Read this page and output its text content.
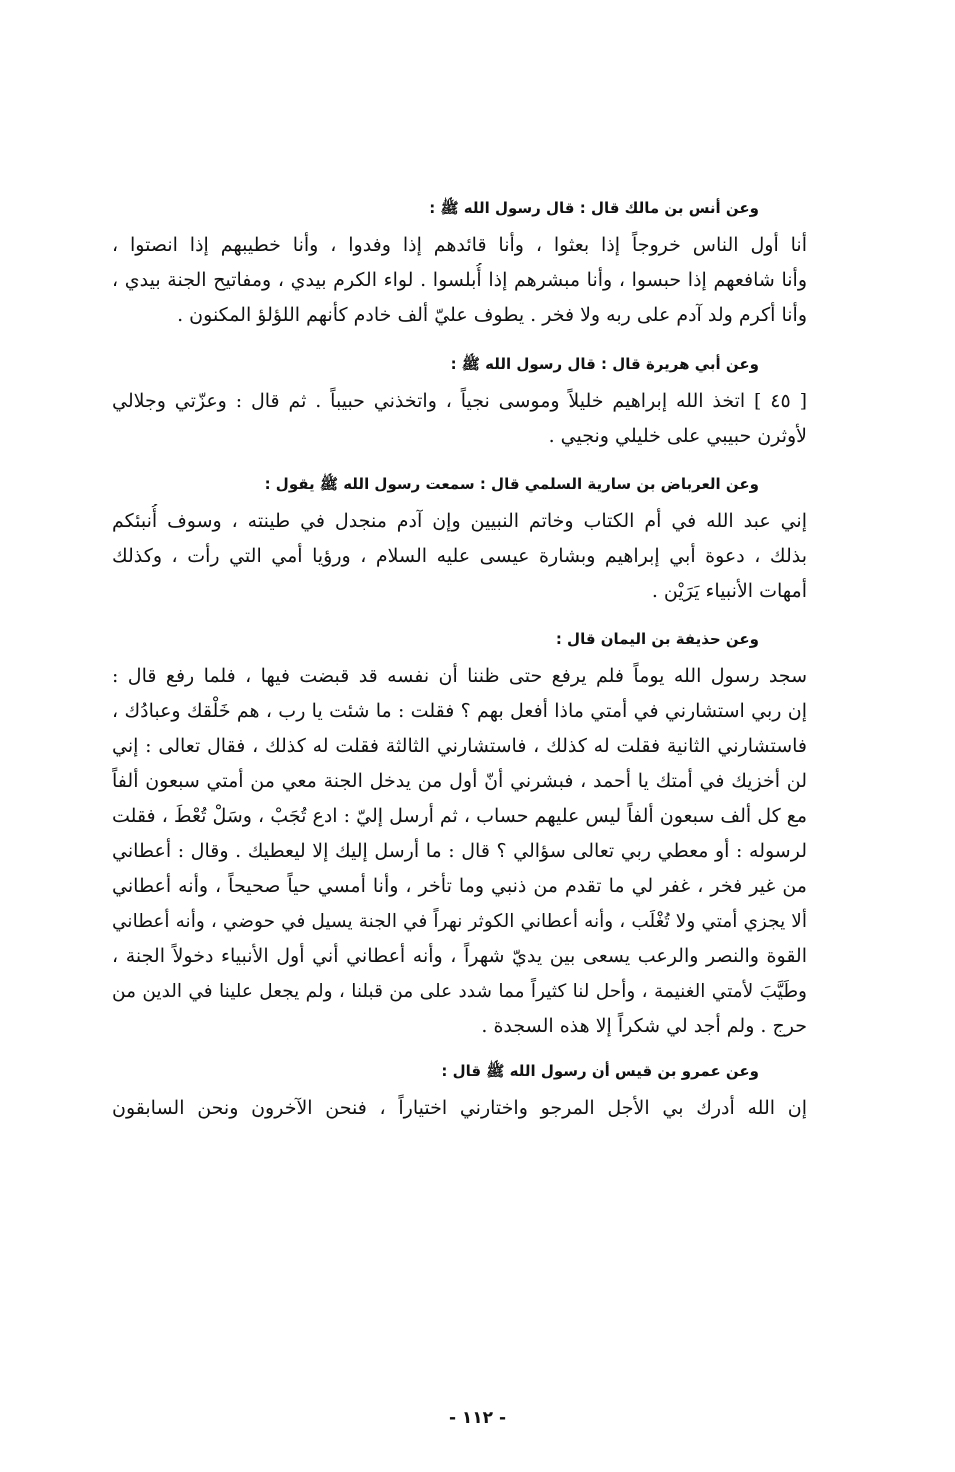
وعن أنس بن مالك قال : قال رسول الله ﷺ :

أنا أول الناس خروجاً إذا بعثوا ، وأنا قائدهم إذا وفدوا ، وأنا خطيبهم إذا انصتوا ،
وأنا شافعهم إذا حبسوا ، وأنا مبشرهم إذا أُبلسوا . لواء الكرم بيدي ، ومفاتيح الجنة بيدي ،
وأنا أكرم ولد آدم على ربه ولا فخر . يطوف عليّ ألف خادم كأنهم اللؤلؤ المكنون .

وعن أبي هريرة قال : قال رسول الله ﷺ :

[ ٤٥ ] اتخذ الله إبراهيم خليلاً وموسى نجياً ، واتخذني حبيباً . ثم قال : وعزّتي وجلالي
لأوثرن حبيبي على خليلي ونجيي .

وعن العرباض بن سارية السلمي قال : سمعت رسول الله ﷺ يقول :

إني عبد الله في أم الكتاب وخاتم النبيين وإن آدم منجدل في طينته ، وسوف أُنبئكم
بذلك ، دعوة أبي إبراهيم وبشارة عيسى عليه السلام ، ورؤيا أمي التي رأت ، وكذلك
أمهات الأنبياء يَرَيْن .

وعن حذيفة بن اليمان قال :

سجد رسول الله يوماً فلم يرفع حتى ظننا أن نفسه قد قبضت فيها ، فلما رفع قال :
إن ربي استشارني في أمتي ماذا أفعل بهم ؟ فقلت : ما شئت يا رب ، هم خَلْقك وعبادُك ،
فاستشارني الثانية فقلت له كذلك ، فاستشارني الثالثة فقلت له كذلك ، فقال تعالى : إني
لن أخزيك في أمتك يا أحمد ، فبشرني أنّ أول من يدخل الجنة معي من أمتي سبعون ألفاً
مع كل ألف سبعون ألفاً ليس عليهم حساب ، ثم أرسل إليّ : ادع تُجَبْ ، وسَلْ تُعْطَ ، فقلت
لرسوله : أو معطي ربي تعالى سؤالي ؟ قال : ما أرسل إليك إلا ليعطيك . وقال : أعطاني
من غير فخر ، غفر لي ما تقدم من ذنبي وما تأخر ، وأنا أمسي حياً صحيحاً ، وأنه أعطاني
ألا يجزي أمتي ولا تُغْلَب ، وأنه أعطاني الكوثر نهراً في الجنة يسيل في حوضي ، وأنه أعطاني
القوة والنصر والرعب يسعى بين يديّ شهراً ، وأنه أعطاني أني أول الأنبياء دخولاً الجنة ،
وطَيَّبَ لأمتي الغنيمة ، وأحل لنا كثيراً مما شدد على من قبلنا ، ولم يجعل علينا في الدين من
حرج . ولم أجد لي شكراً إلا هذه السجدة .

وعن عمرو بن قيس أن رسول الله ﷺ قال :

إن الله أدرك بي الأجل المرجو واختارني اختياراً ، فنحن الآخرون ونحن السابقون
- ١١٢ -
